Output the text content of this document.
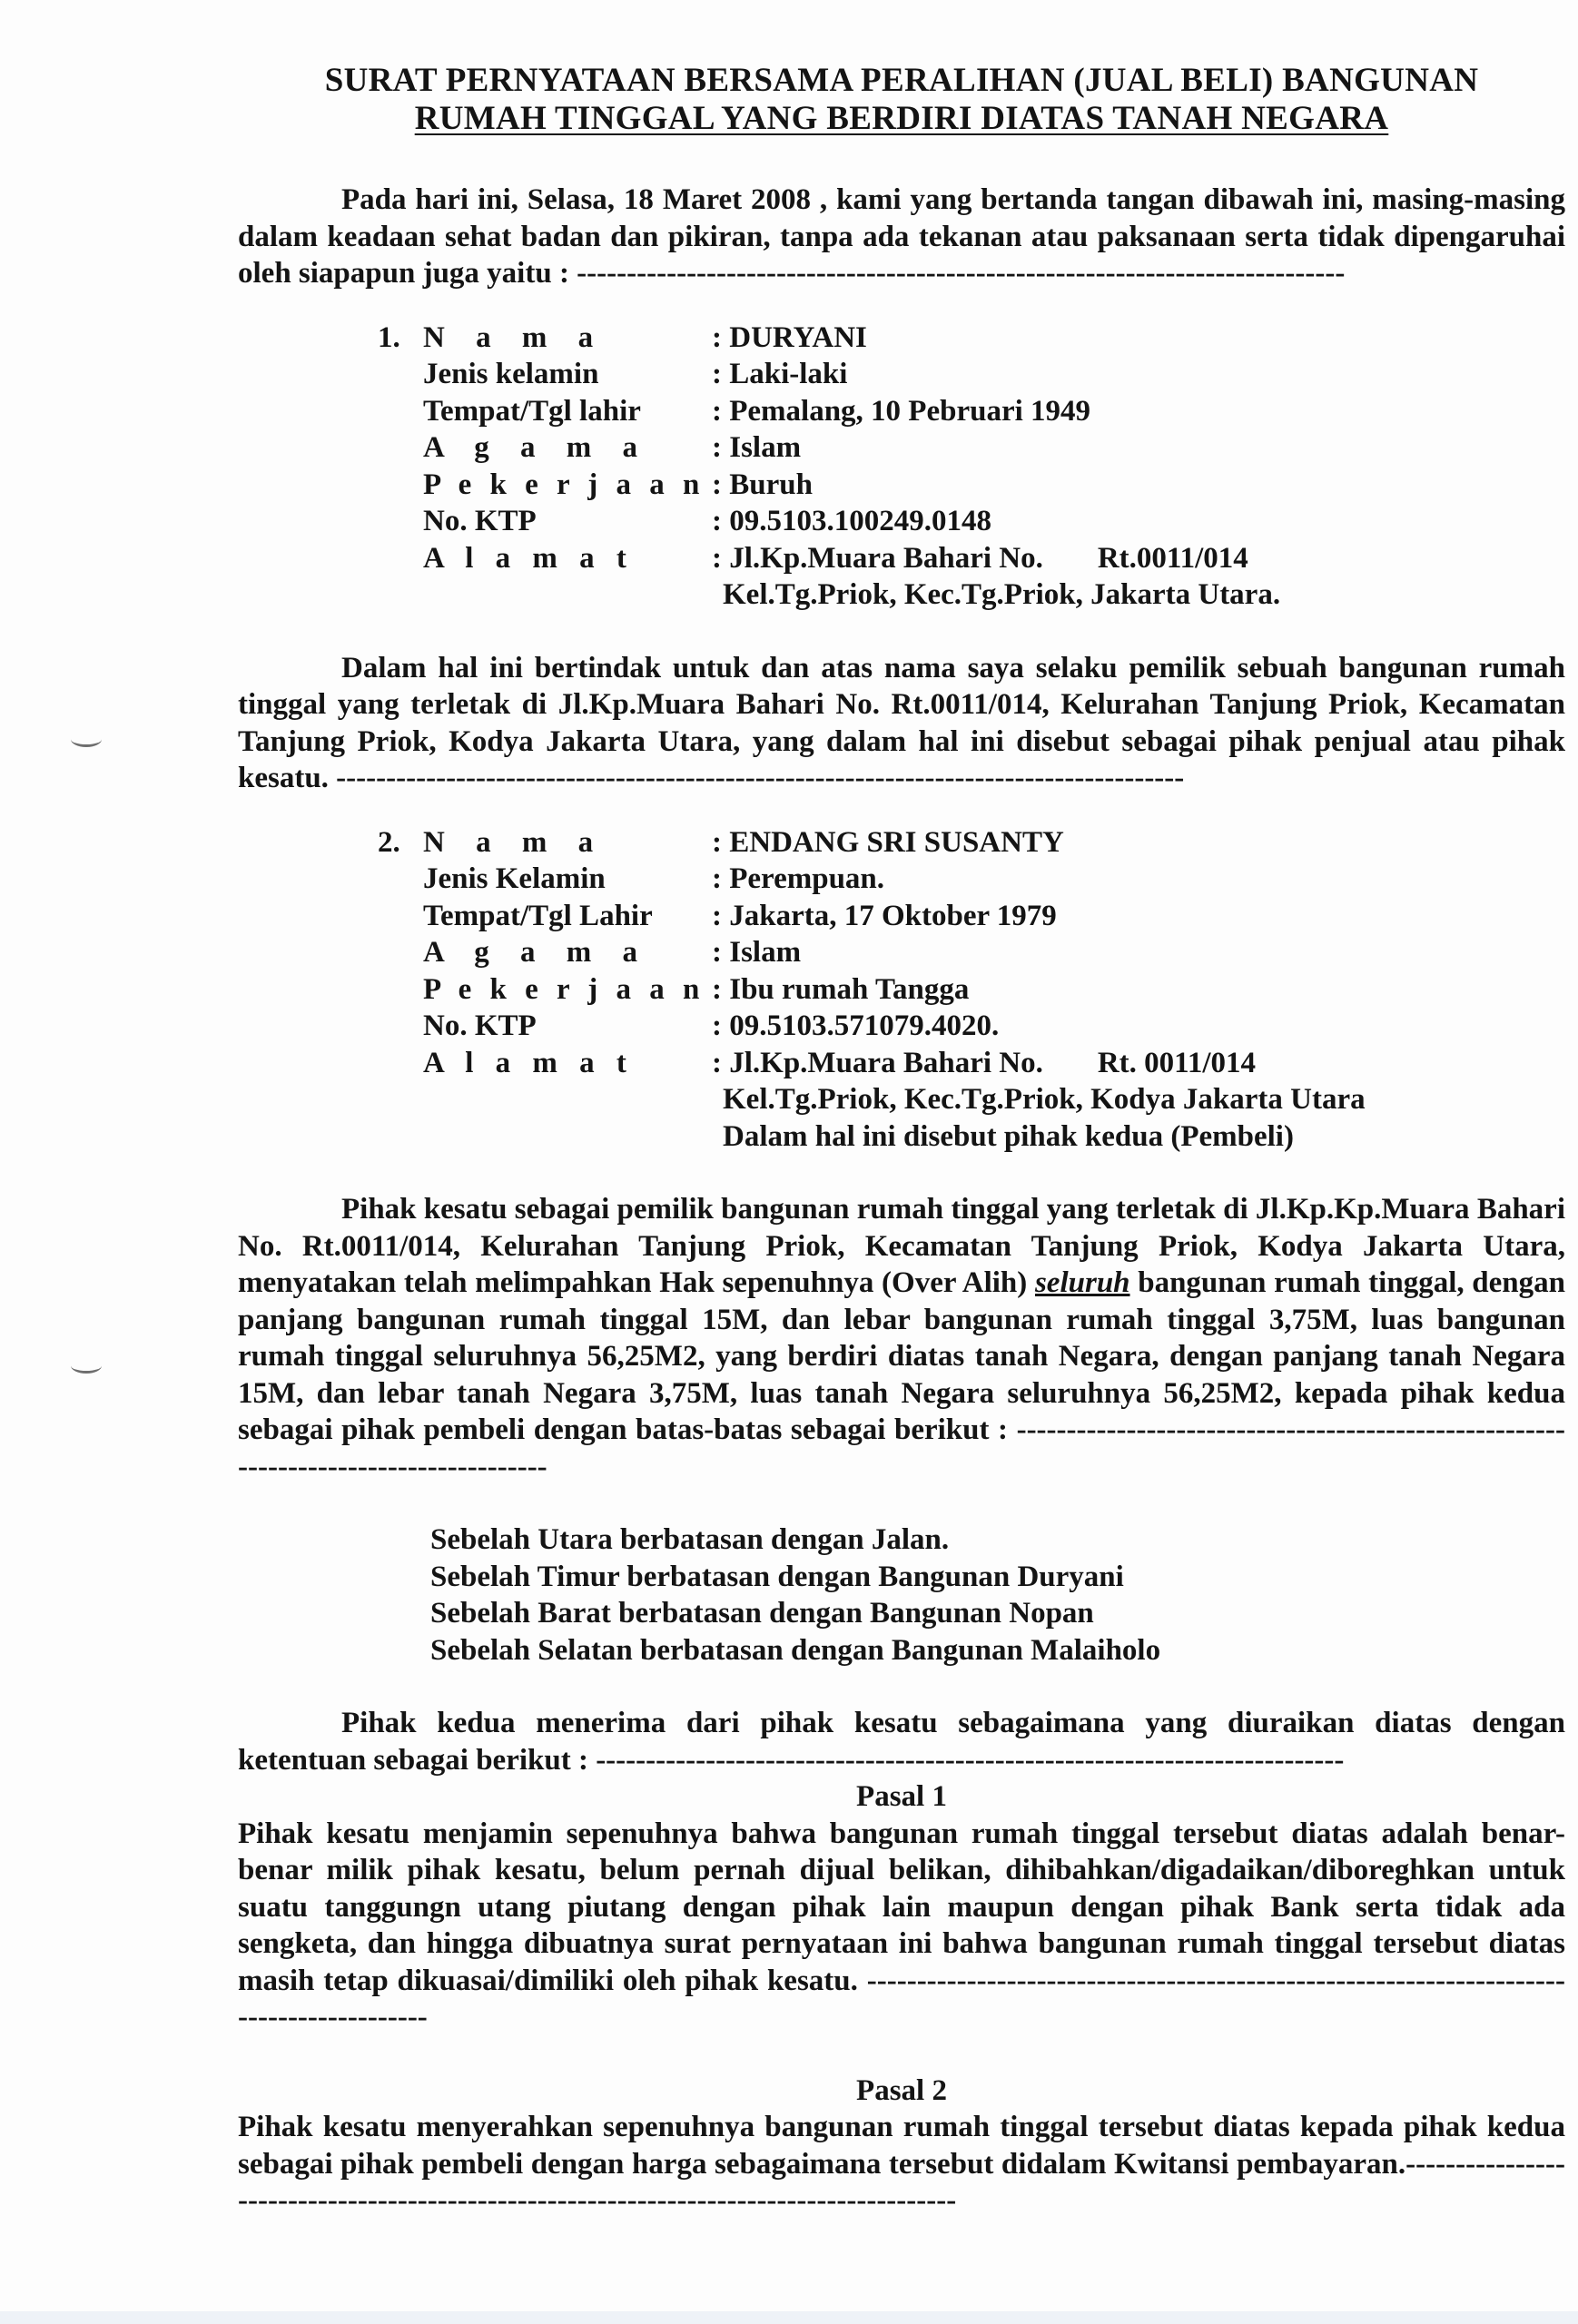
SURAT PERNYATAAN BERSAMA PERALIHAN (JUAL BELI) BANGUNAN

RUMAH TINGGAL YANG BERDIRI DIATAS TANAH NEGARA

Pada hari ini, Selasa, 18 Maret 2008 , kami yang bertanda tangan dibawah ini, masing-masing dalam keadaan sehat badan dan pikiran, tanpa ada tekanan atau paksanaan serta tidak dipengaruhai oleh siapapun juga yaitu : -----------------------------------------------------------------------------

1. N a m a	: DURYANI
Jenis kelamin	: Laki-laki
Tempat/Tgl lahir	: Pemalang, 10 Pebruari 1949
A g a m a	: Islam
P e k e r j a a n : Buruh
No. KTP	: 09.5103.100249.0148
A l a m a t	: Jl.Kp.Muara Bahari No. Rt.0011/014
Kel.Tg.Priok, Kec.Tg.Priok, Jakarta Utara.

Dalam hal ini bertindak untuk dan atas nama saya selaku pemilik sebuah bangunan rumah tinggal yang terletak di Jl.Kp.Muara Bahari No. Rt.0011/014, Kelurahan Tanjung Priok, Kecamatan Tanjung Priok, Kodya Jakarta Utara, yang dalam hal ini disebut sebagai pihak penjual atau pihak kesatu. -------------------------------------------------------------------------------------

2. N a m a	: ENDANG SRI SUSANTY
Jenis Kelamin	: Perempuan.
Tempat/Tgl Lahir	: Jakarta, 17 Oktober 1979
A g a m a	: Islam
P e k e r j a a n : Ibu rumah Tangga
No. KTP	: 09.5103.571079.4020.
A l a m a t	: Jl.Kp.Muara Bahari No. Rt. 0011/014
Kel.Tg.Priok, Kec.Tg.Priok, Kodya Jakarta Utara
Dalam hal ini disebut pihak kedua (Pembeli)

Pihak kesatu sebagai pemilik bangunan rumah tinggal yang terletak di Jl.Kp.Kp.Muara Bahari No. Rt.0011/014, Kelurahan Tanjung Priok, Kecamatan Tanjung Priok, Kodya Jakarta Utara, menyatakan telah melimpahkan Hak sepenuhnya (Over Alih) seluruh bangunan rumah tinggal, dengan panjang bangunan rumah tinggal 15M, dan lebar bangunan rumah tinggal 3,75M, luas bangunan rumah tinggal seluruhnya 56,25M2, yang berdiri diatas tanah Negara, dengan panjang tanah Negara 15M, dan lebar tanah Negara 3,75M, luas tanah Negara seluruhnya 56,25M2, kepada pihak kedua sebagai pihak pembeli dengan batas-batas sebagai berikut : --------------------------------------------------------------------------------------

Sebelah Utara berbatasan dengan Jalan.
Sebelah Timur berbatasan dengan Bangunan Duryani
Sebelah Barat berbatasan dengan Bangunan Nopan
Sebelah Selatan berbatasan dengan Bangunan Malaiholo

Pihak kedua menerima dari pihak kesatu sebagaimana yang diuraikan diatas dengan ketentuan sebagai berikut : ---------------------------------------------------------------------------

Pasal 1

Pihak kesatu menjamin sepenuhnya bahwa bangunan rumah tinggal tersebut diatas adalah benar-benar milik pihak kesatu, belum pernah dijual belikan, dihibahkan/digadaikan/diboreghkan untuk suatu tanggungn utang piutang dengan pihak lain maupun dengan pihak Bank serta tidak ada sengketa, dan hingga dibuatnya surat pernyataan ini bahwa bangunan rumah tinggal tersebut diatas masih tetap dikuasai/dimiliki oleh pihak kesatu. -----------------------------------------------------------------------------------------

Pasal 2

Pihak kesatu menyerahkan sepenuhnya bangunan rumah tinggal tersebut diatas kepada pihak kedua sebagai pihak pembeli dengan harga sebagaimana tersebut didalam Kwitansi pembayaran.----------------------------------------------------------------------------------------
